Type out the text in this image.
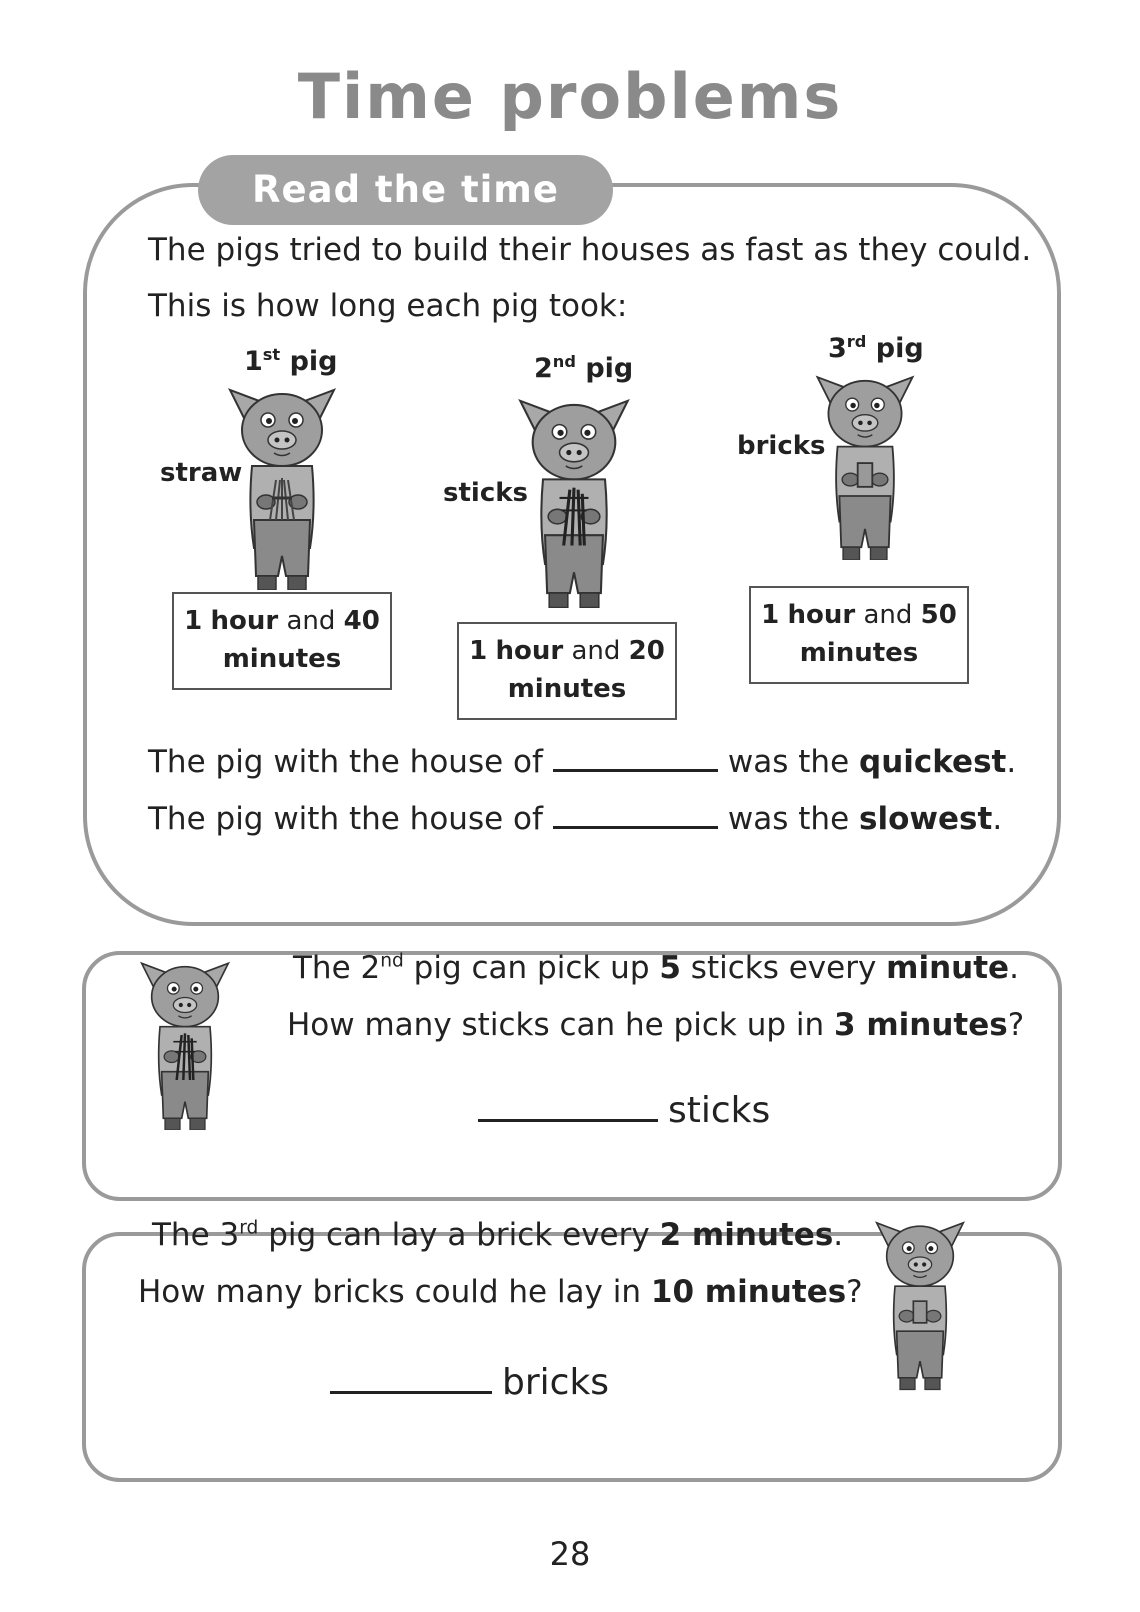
Time problems
Read the time
The pigs tried to build their houses as fast as they could.
This is how long each pig took:
1st pig
straw
1 hour and 40
minutes
2nd pig
sticks
1 hour and 20
minutes
3rd pig
bricks
1 hour and 50
minutes
The pig with the house of	was the quickest.
The pig with the house of	was the slowest.
The 2nd pig can pick up 5 sticks every minute.
How many sticks can he pick up in 3 minutes?
sticks
The 3rd pig can lay a brick every 2 minutes.
How many bricks could he lay in 10 minutes?
bricks
28
